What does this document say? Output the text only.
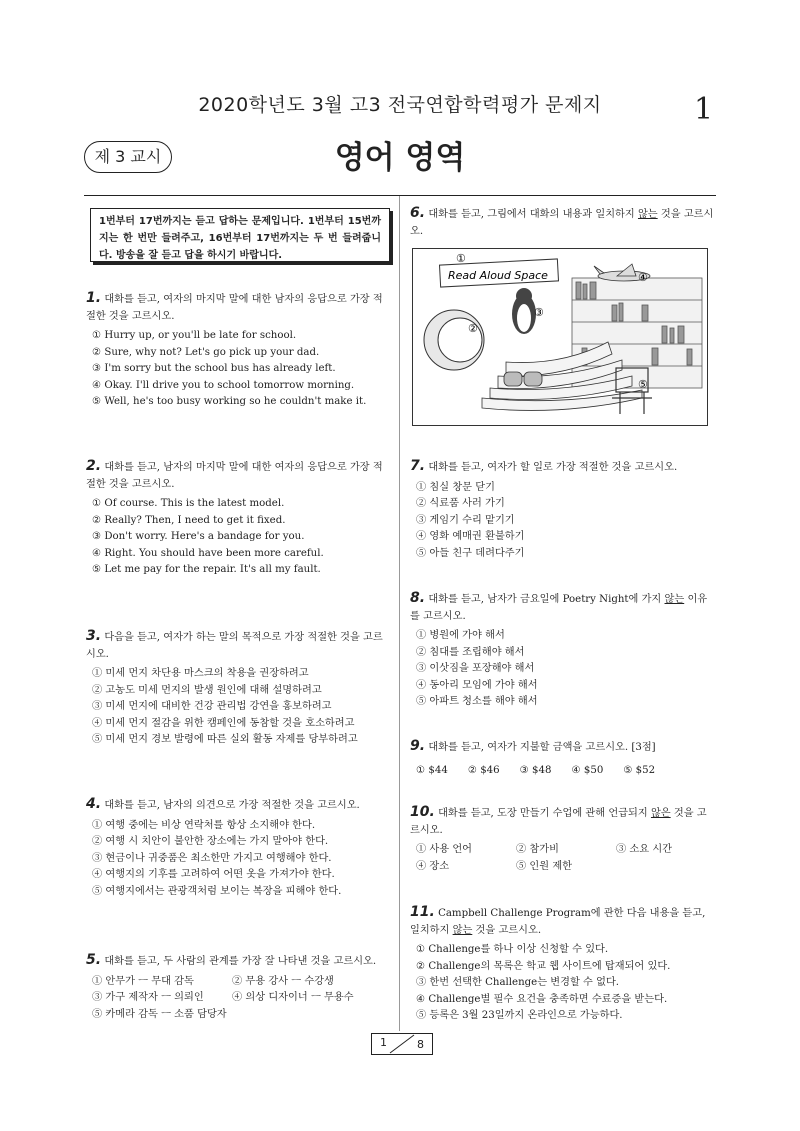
2020학년도 3월 고3 전국연합학력평가 문제지	1
제 3 교시	영어 영역
1번부터 17번까지는 듣고 답하는 문제입니다. 1번부터 15번까지는 한 번만 들려주고, 16번부터 17번까지는 두 번 들려줍니다. 방송을 잘 듣고 답을 하시기 바랍니다.

1. 대화를 듣고, 여자의 마지막 말에 대한 남자의 응답으로 가장 적절한 것을 고르시오.

① Hurry up, or you'll be late for school.
② Sure, why not? Let's go pick up your dad.
③ I'm sorry but the school bus has already left.
④ Okay. I'll drive you to school tomorrow morning.
⑤ Well, he's too busy working so he couldn't make it.

2. 대화를 듣고, 남자의 마지막 말에 대한 여자의 응답으로 가장 적절한 것을 고르시오.

① Of course. This is the latest model.
② Really? Then, I need to get it fixed.
③ Don't worry. Here's a bandage for you.
④ Right. You should have been more careful.
⑤ Let me pay for the repair. It's all my fault.

3. 다음을 듣고, 여자가 하는 말의 목적으로 가장 적절한 것을 고르시오.

① 미세 먼지 차단용 마스크의 착용을 권장하려고
② 고농도 미세 먼지의 발생 원인에 대해 설명하려고
③ 미세 먼지에 대비한 건강 관리법 강연을 홍보하려고
④ 미세 먼지 절감을 위한 캠페인에 동참할 것을 호소하려고
⑤ 미세 먼지 경보 발령에 따른 실외 활동 자제를 당부하려고

4. 대화를 듣고, 남자의 의견으로 가장 적절한 것을 고르시오.

① 여행 중에는 비상 연락처를 항상 소지해야 한다.
② 여행 시 치안이 불안한 장소에는 가지 말아야 한다.
③ 현금이나 귀중품은 최소한만 가지고 여행해야 한다.
④ 여행지의 기후를 고려하여 어떤 옷을 가져가야 한다.
⑤ 여행지에서는 관광객처럼 보이는 복장을 피해야 한다.

5. 대화를 듣고, 두 사람의 관계를 가장 잘 나타낸 것을 고르시오.

① 안무가 ㅡ 무대 감독	② 무용 강사 ㅡ 수강생
③ 가구 제작자 ㅡ 의뢰인	④ 의상 디자이너 ㅡ 무용수
⑤ 카메라 감독 ㅡ 소품 담당자

6. 대화를 듣고, 그림에서 대화의 내용과 일치하지 않는 것을 고르시오.

Read Aloud Space
①
④
②
③
⑤

7. 대화를 듣고, 여자가 할 일로 가장 적절한 것을 고르시오.

① 침실 창문 닫기
② 식료품 사러 가기
③ 게임기 수리 맡기기
④ 영화 예매권 환불하기
⑤ 아들 친구 데려다주기

8. 대화를 듣고, 남자가 금요일에 Poetry Night에 가지 않는 이유를 고르시오.

① 병원에 가야 해서
② 침대를 조립해야 해서
③ 이삿짐을 포장해야 해서
④ 동아리 모임에 가야 해서
⑤ 아파트 청소를 해야 해서

9. 대화를 듣고, 여자가 지불할 금액을 고르시오. [3점]

① $44 ② $46 ③ $48 ④ $50 ⑤ $52

10. 대화를 듣고, 도장 만들기 수업에 관해 언급되지 않은 것을 고르시오.

① 사용 언어	② 참가비	③ 소요 시간
④ 장소	⑤ 인원 제한

11. Campbell Challenge Program에 관한 다음 내용을 듣고, 일치하지 않는 것을 고르시오.

① Challenge를 하나 이상 신청할 수 있다.
② Challenge의 목록은 학교 웹 사이트에 탑재되어 있다.
③ 한번 선택한 Challenge는 변경할 수 없다.
④ Challenge별 필수 요건을 충족하면 수료증을 받는다.
⑤ 등록은 3월 23일까지 온라인으로 가능하다.
1	8
